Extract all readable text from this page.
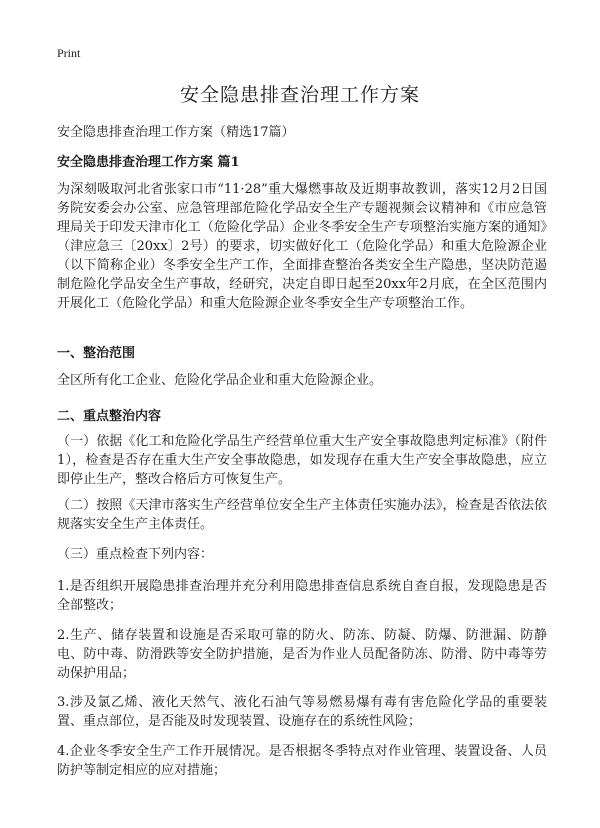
Print
安全隐患排查治理工作方案
安全隐患排查治理工作方案（精选17篇）
安全隐患排查治理工作方案 篇1

为深刻吸取河北省张家口市“11·28”重大爆燃事故及近期事故教训，落实12月2日国务院安委会办公室、应急管理部危险化学品安全生产专题视频会议精神和《市应急管理局关于印发天津市化工（危险化学品）企业冬季安全生产专项整治实施方案的通知》（津应急三〔20xx〕2号）的要求，切实做好化工（危险化学品）和重大危险源企业（以下简称企业）冬季安全生产工作，全面排查整治各类安全生产隐患，坚决防范遏制危险化学品安全生产事故，经研究，决定自即日起至20xx年2月底，在全区范围内开展化工（危险化学品）和重大危险源企业冬季安全生产专项整治工作。

一、整治范围

全区所有化工企业、危险化学品企业和重大危险源企业。

二、重点整治内容

（一）依据《化工和危险化学品生产经营单位重大生产安全事故隐患判定标准》（附件1），检查是否存在重大生产安全事故隐患，如发现存在重大生产安全事故隐患，应立即停止生产，整改合格后方可恢复生产。

（二）按照《天津市落实生产经营单位安全生产主体责任实施办法》，检查是否依法依规落实安全生产主体责任。

（三）重点检查下列内容：

1.是否组织开展隐患排查治理并充分利用隐患排查信息系统自查自报，发现隐患是否全部整改；

2.生产、储存装置和设施是否采取可靠的防火、防冻、防凝、防爆、防泄漏、防静电、防中毒、防滑跌等安全防护措施，是否为作业人员配备防冻、防滑、防中毒等劳动保护用品；

3.涉及氯乙烯、液化天然气、液化石油气等易燃易爆有毒有害危险化学品的重要装置、重点部位，是否能及时发现装置、设施存在的系统性风险；

4.企业冬季安全生产工作开展情况。是否根据冬季特点对作业管理、装置设备、人员防护等制定相应的应对措施；
